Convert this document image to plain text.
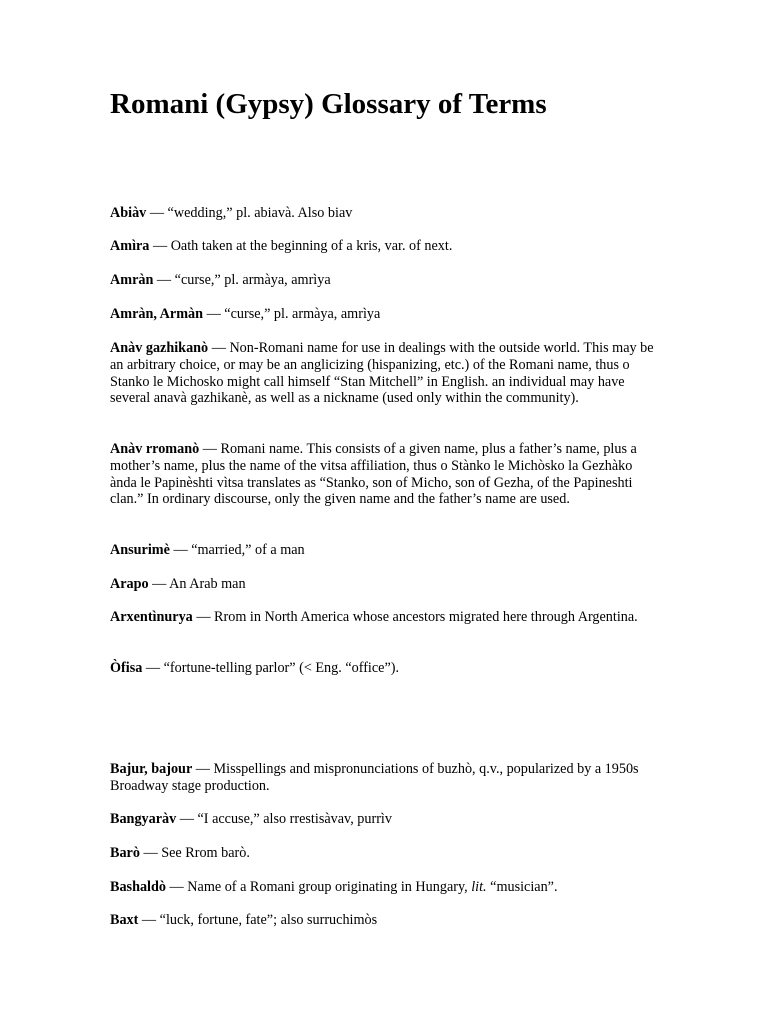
Romani (Gypsy) Glossary of Terms

Abiàv — “wedding,” pl. abiavà. Also biav

Amìra — Oath taken at the beginning of a kris, var. of next.

Amràn — “curse,” pl. armàya, amrìya

Amràn, Armàn — “curse,” pl. armàya, amrìya

Anàv gazhikanò — Non-Romani name for use in dealings with the outside world. This may be an arbitrary choice, or may be an anglicizing (hispanizing, etc.) of the Romani name, thus o Stanko le Michosko might call himself “Stan Mitchell” in English. an individual may have several anavà gazhikanè, as well as a nickname (used only within the community).

Anàv rromanò — Romani name. This consists of a given name, plus a father’s name, plus a mother’s name, plus the name of the vitsa affiliation, thus o Stànko le Michòsko la Gezhàko ànda le Papinèshti vìtsa translates as “Stanko, son of Micho, son of Gezha, of the Papineshti clan.” In ordinary discourse, only the given name and the father’s name are used.

Ansurimè — “married,” of a man

Arapo — An Arab man

Arxentìnurya — Rrom in North America whose ancestors migrated here through Argentina.

Òfisa — “fortune-telling parlor” (< Eng. “office”).

Bajur, bajour — Misspellings and mispronunciations of buzhò, q.v., popularized by a 1950s Broadway stage production.

Bangyaràv — “I accuse,” also rrestisàvav, purrìv

Barò — See Rrom barò.

Bashaldò — Name of a Romani group originating in Hungary, lit. “musician”.

Baxt — “luck, fortune, fate”; also surruchimòs
